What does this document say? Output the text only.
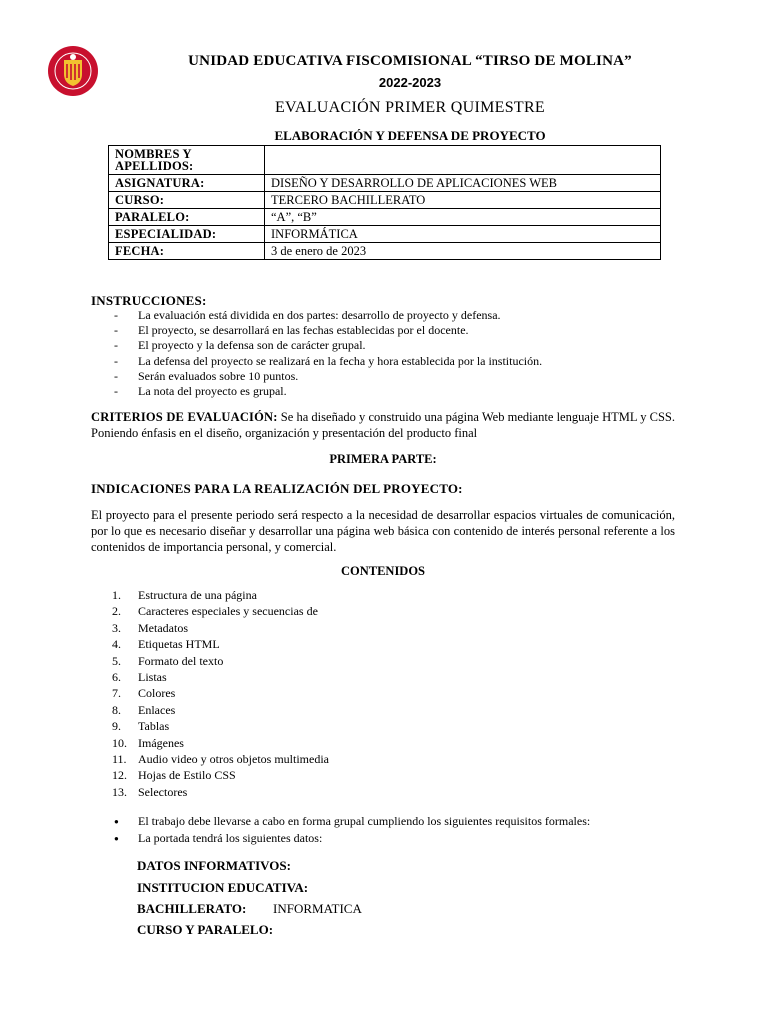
UNIDAD EDUCATIVA FISCOMISIONAL “TIRSO DE MOLINA”
2022-2023
EVALUACIÓN PRIMER QUIMESTRE
ELABORACIÓN Y DEFENSA DE PROYECTO
NOMBRES Y APELLIDOS:	
ASIGNATURA:	DISEÑO Y DESARROLLO DE APLICACIONES WEB
CURSO:	TERCERO BACHILLERATO
PARALELO:	“A”, “B”
ESPECIALIDAD:	INFORMÁTICA
FECHA:	3 de enero de 2023
INSTRUCCIONES:
- La evaluación está dividida en dos partes: desarrollo de proyecto y defensa.
- El proyecto, se desarrollará en las fechas establecidas por el docente.
- El proyecto y la defensa son de carácter grupal.
- La defensa del proyecto se realizará en la fecha y hora establecida por la institución.
- Serán evaluados sobre 10 puntos.
- La nota del proyecto es grupal.
CRITERIOS DE EVALUACIÓN: Se ha diseñado y construido una página Web mediante lenguaje HTML y CSS. Poniendo énfasis en el diseño, organización y presentación del producto final
PRIMERA PARTE:
INDICACIONES PARA LA REALIZACIÓN DEL PROYECTO:
El proyecto para el presente periodo será respecto a la necesidad de desarrollar espacios virtuales de comunicación, por lo que es necesario diseñar y desarrollar una página web básica con contenido de interés personal referente a los contenidos de importancia personal, y comercial.
CONTENIDOS
1. Estructura de una página
2. Caracteres especiales y secuencias de
3. Metadatos
4. Etiquetas HTML
5. Formato del texto
6. Listas
7. Colores
8. Enlaces
9. Tablas
10. Imágenes
11. Audio video y otros objetos multimedia
12. Hojas de Estilo CSS
13. Selectores
● El trabajo debe llevarse a cabo en forma grupal cumpliendo los siguientes requisitos formales:
● La portada tendrá los siguientes datos:
DATOS INFORMATIVOS:
INSTITUCION EDUCATIVA:
BACHILLERATO: INFORMATICA
CURSO Y PARALELO:
